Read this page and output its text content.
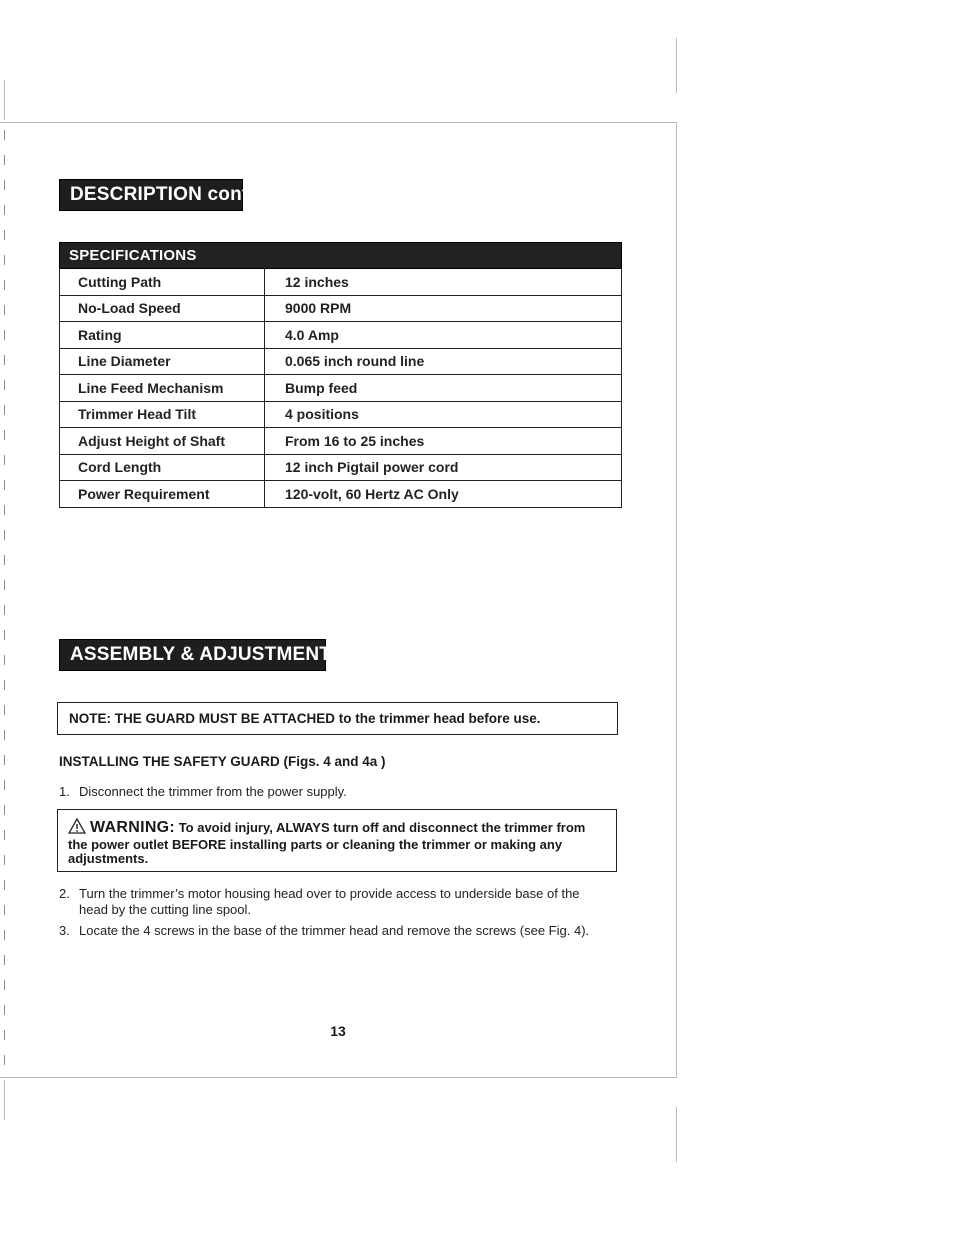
DESCRIPTION cont.
SPECIFICATIONS	
Cutting Path	12 inches
No-Load Speed	9000 RPM
Rating	4.0 Amp
Line Diameter	0.065 inch round line
Line Feed Mechanism	Bump feed
Trimmer Head Tilt	4 positions
Adjust Height of Shaft	From 16 to 25 inches
Cord Length	12 inch Pigtail power cord
Power Requirement	120-volt, 60 Hertz AC Only
ASSEMBLY & ADJUSTMENTS
NOTE: THE GUARD MUST BE ATTACHED to the trimmer head before use.
INSTALLING THE SAFETY GUARD (Figs. 4 and 4a )
1. Disconnect the trimmer from the power supply.
WARNING: To avoid injury, ALWAYS turn off and disconnect the trimmer from the power outlet BEFORE installing parts or cleaning the trimmer or making any adjustments.
2. Turn the trimmer’s motor housing head over to provide access to underside base of the head by the cutting line spool.
3. Locate the 4 screws in the base of the trimmer head and remove the screws (see Fig. 4).
13
